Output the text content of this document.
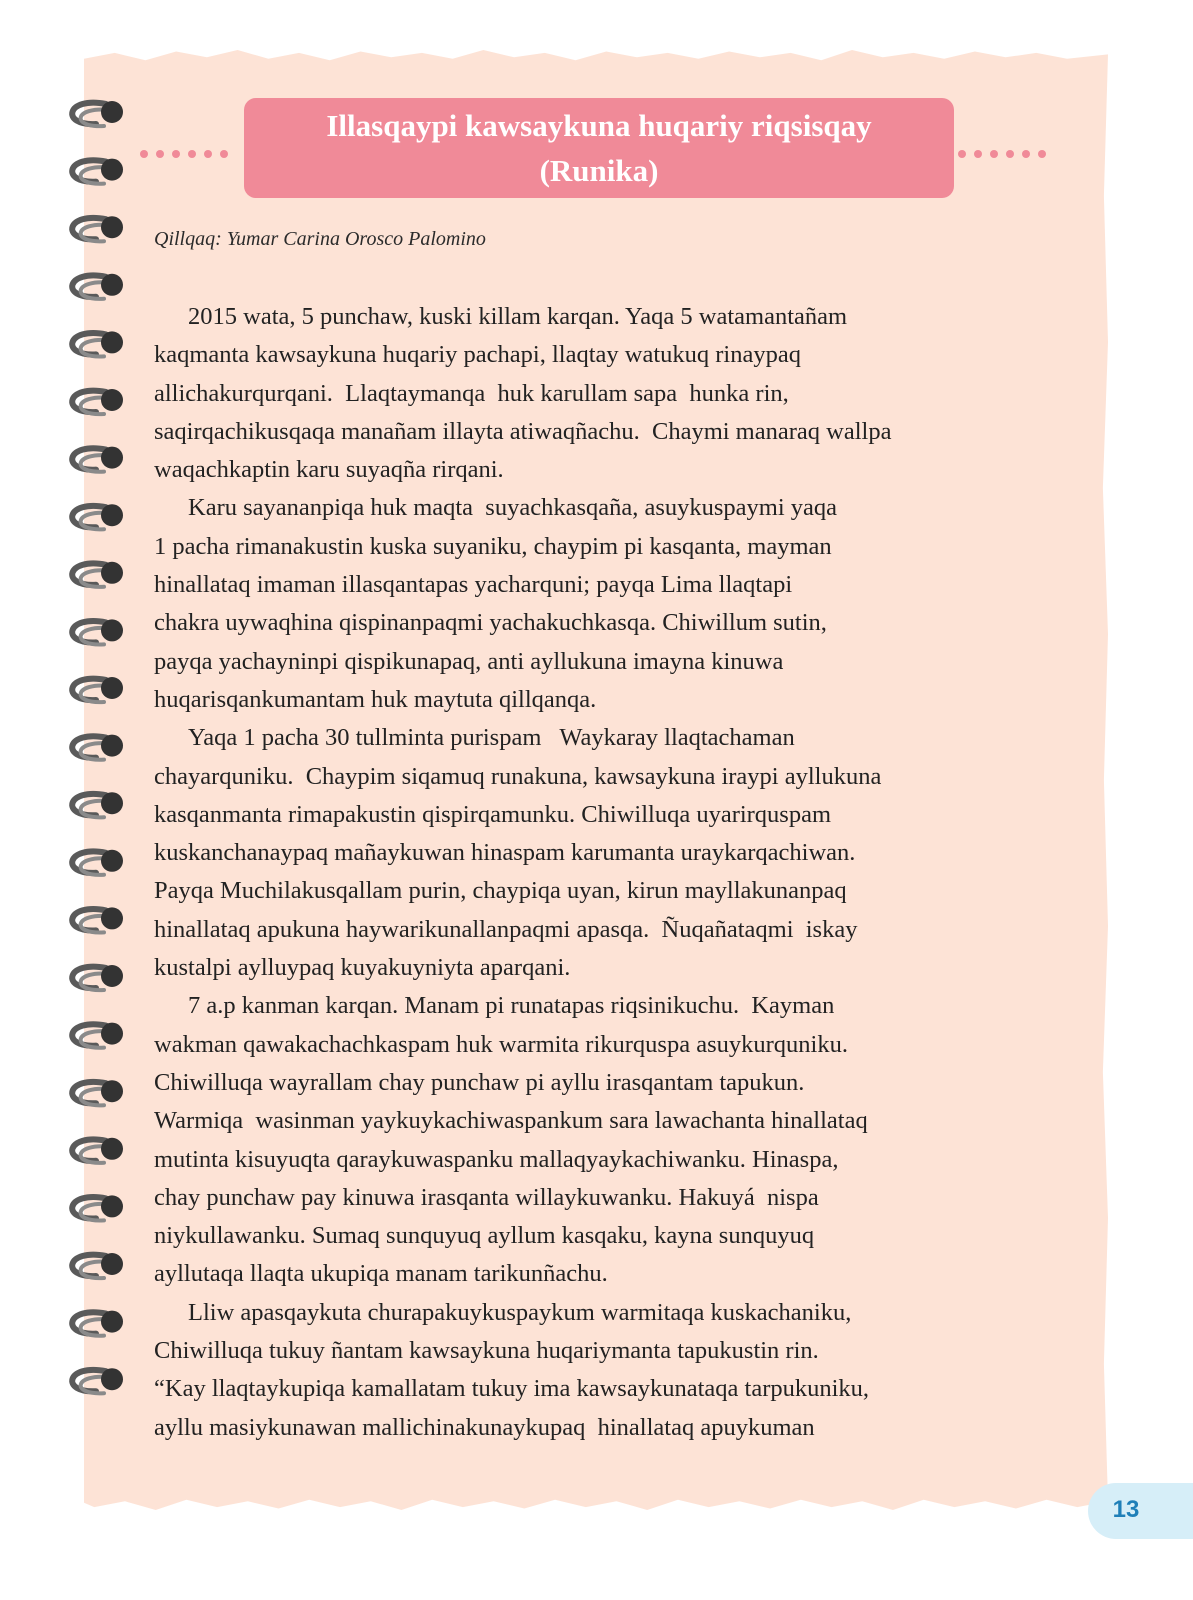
Illasqaypi kawsaykuna huqariy riqsisqay
(Runika)
Qillqaq: Yumar Carina Orosco Palomino
2015 wata, 5 punchaw, kuski killam karqan. Yaqa 5 watamantañam
kaqmanta kawsaykuna huqariy pachapi, llaqtay watukuq rinaypaq
allichakurqurqani.  Llaqtaymanqa  huk karullam sapa  hunka rin,
saqirqachikusqaqa manañam illayta atiwaqñachu.  Chaymi manaraq wallpa
waqachkaptin karu suyaqña rirqani.
Karu sayananpiqa huk maqta  suyachkasqaña, asuykuspaymi yaqa
1 pacha rimanakustin kuska suyaniku, chaypim pi kasqanta, mayman
hinallataq imaman illasqantapas yacharquni; payqa Lima llaqtapi
chakra uywaqhina qispinanpaqmi yachakuchkasqa. Chiwillum sutin,
payqa yachayninpi qispikunapaq, anti ayllukuna imayna kinuwa
huqarisqankumantam huk maytuta qillqanqa.
Yaqa 1 pacha 30 tullminta purispam   Waykaray llaqtachaman
chayarquniku.  Chaypim siqamuq runakuna, kawsaykuna iraypi ayllukuna
kasqanmanta rimapakustin qispirqamunku. Chiwilluqa uyarirquspam
kuskanchanaypaq mañaykuwan hinaspam karumanta uraykarqachiwan.
Payqa Muchilakusqallam purin, chaypiqa uyan, kirun mayllakunanpaq
hinallataq apukuna haywarikunallanpaqmi apasqa.  Ñuqañataqmi  iskay
kustalpi aylluypaq kuyakuyniyta aparqani.
7 a.p kanman karqan. Manam pi runatapas riqsinikuchu.  Kayman
wakman qawakachachkaspam huk warmita rikurquspa asuykurquniku.
Chiwilluqa wayrallam chay punchaw pi ayllu irasqantam tapukun.
Warmiqa  wasinman yaykuykachiwaspankum sara lawachanta hinallataq
mutinta kisuyuqta qaraykuwaspanku mallaqyaykachiwanku. Hinaspa,
chay punchaw pay kinuwa irasqanta willaykuwanku. Hakuyá  nispa
niykullawanku. Sumaq sunquyuq ayllum kasqaku, kayna sunquyuq
ayllutaqa llaqta ukupiqa manam tarikunñachu.
Lliw apasqaykuta churapakuykuspaykum warmitaqa kuskachaniku,
Chiwilluqa tukuy ñantam kawsaykuna huqariymanta tapukustin rin.
“Kay llaqtaykupiqa kamallatam tukuy ima kawsaykunataqa tarpukuniku,
ayllu masiykunawan mallichinakunaykupaq  hinallataq apuykuman
13
